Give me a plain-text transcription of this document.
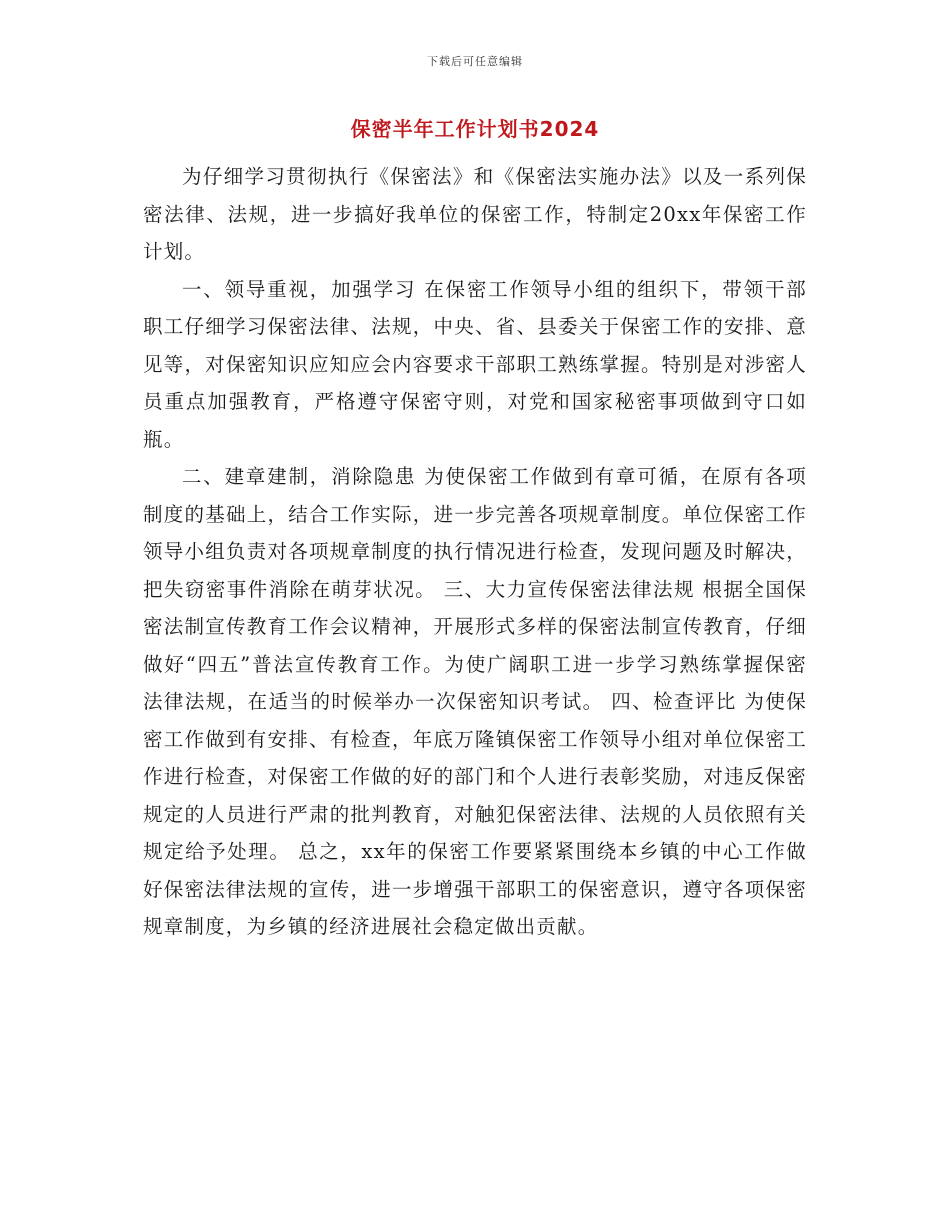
下载后可任意编辑
保密半年工作计划书2024

为仔细学习贯彻执行《保密法》和《保密法实施办法》以及一系列保密法律、法规，进一步搞好我单位的保密工作，特制定20xx年保密工作计划。

一、领导重视，加强学习 在保密工作领导小组的组织下，带领干部职工仔细学习保密法律、法规，中央、省、县委关于保密工作的安排、意见等，对保密知识应知应会内容要求干部职工熟练掌握。特别是对涉密人员重点加强教育，严格遵守保密守则，对党和国家秘密事项做到守口如瓶。

二、建章建制，消除隐患 为使保密工作做到有章可循，在原有各项制度的基础上，结合工作实际，进一步完善各项规章制度。单位保密工作领导小组负责对各项规章制度的执行情况进行检查，发现问题及时解决，把失窃密事件消除在萌芽状况。 三、大力宣传保密法律法规 根据全国保密法制宣传教育工作会议精神，开展形式多样的保密法制宣传教育，仔细做好“四五”普法宣传教育工作。为使广阔职工进一步学习熟练掌握保密法律法规，在适当的时候举办一次保密知识考试。 四、检查评比 为使保密工作做到有安排、有检查，年底万隆镇保密工作领导小组对单位保密工作进行检查，对保密工作做的好的部门和个人进行表彰奖励，对违反保密规定的人员进行严肃的批判教育，对触犯保密法律、法规的人员依照有关规定给予处理。 总之，xx年的保密工作要紧紧围绕本乡镇的中心工作做好保密法律法规的宣传，进一步增强干部职工的保密意识，遵守各项保密规章制度，为乡镇的经济进展社会稳定做出贡献。
